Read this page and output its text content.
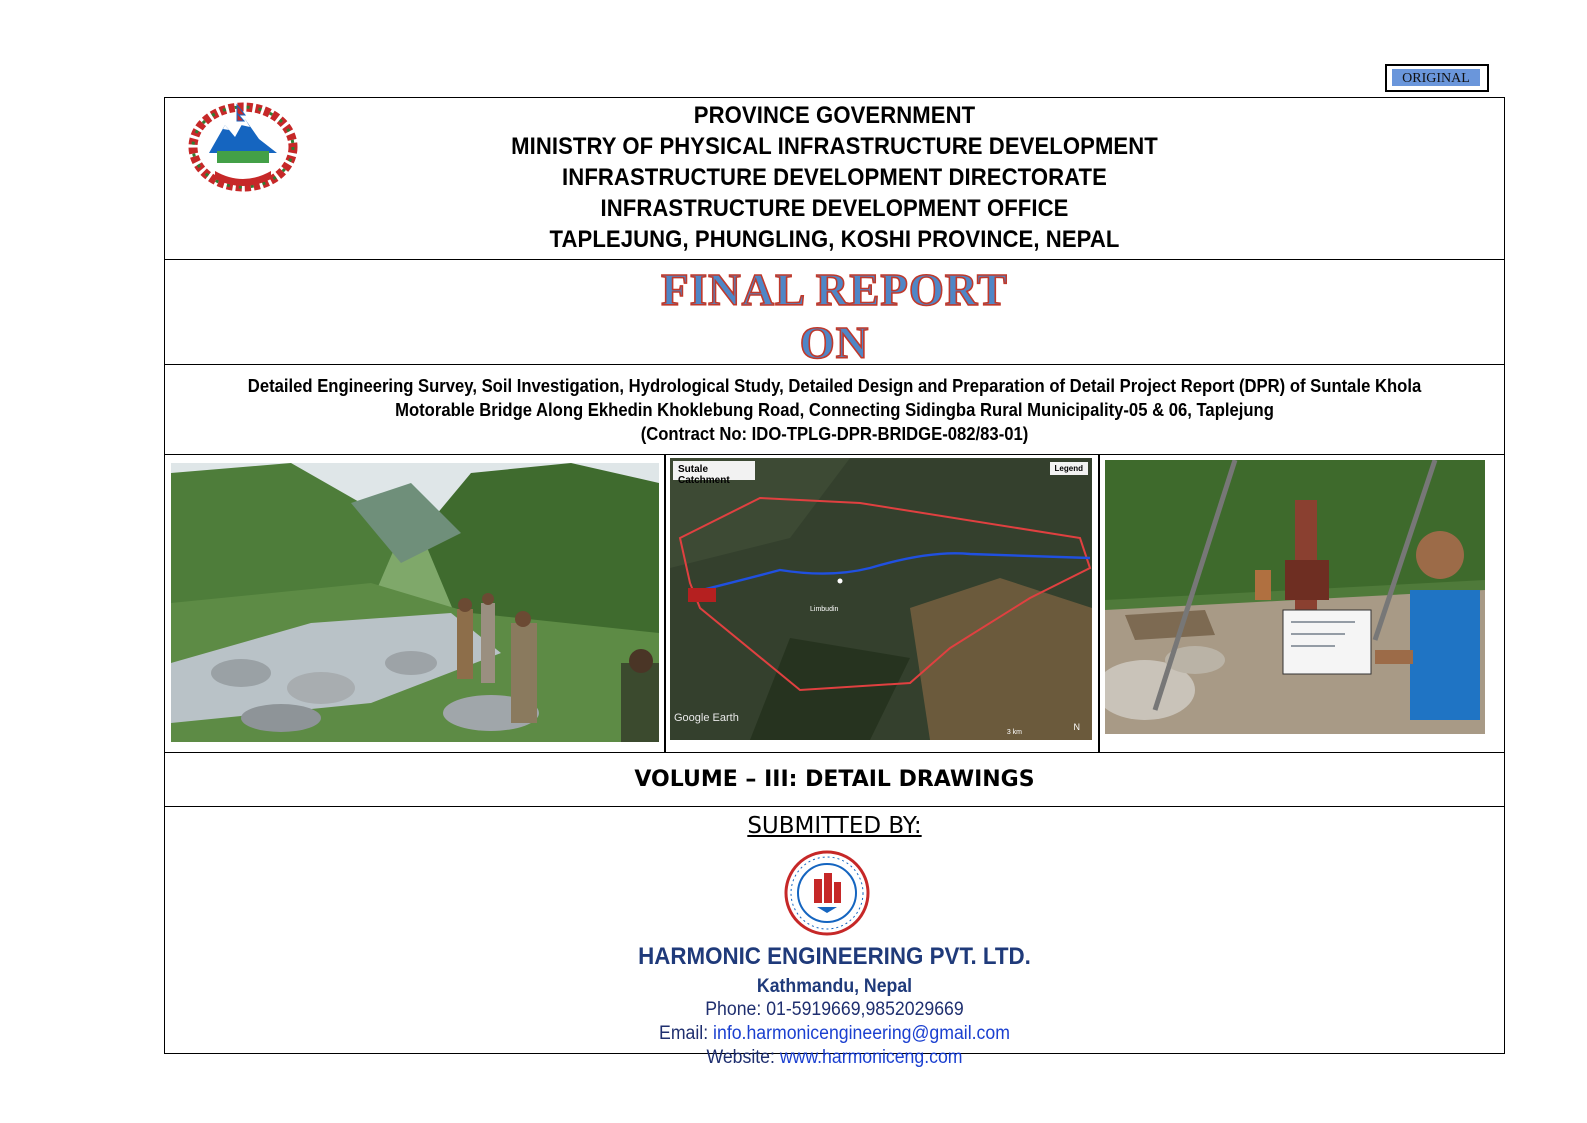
ORIGINAL
PROVINCE GOVERNMENT
MINISTRY OF PHYSICAL INFRASTRUCTURE DEVELOPMENT
INFRASTRUCTURE DEVELOPMENT DIRECTORATE
INFRASTRUCTURE DEVELOPMENT OFFICE
TAPLEJUNG, PHUNGLING, KOSHI PROVINCE, NEPAL
FINAL REPORT
ON
Detailed Engineering Survey, Soil Investigation, Hydrological Study, Detailed Design and Preparation of Detail Project Report (DPR) of Suntale Khola
Motorable Bridge Along Ekhedin Khoklebung Road, Connecting Sidingba Rural Municipality-05 & 06, Taplejung
(Contract No: IDO-TPLG-DPR-BRIDGE-082/83-01)
Sutale Catchment
Legend
Limbudin
Google Earth
3 km
N
VOLUME – III: DETAIL DRAWINGS
SUBMITTED BY:
HARMONIC ENGINEERING PVT. LTD.
Kathmandu, Nepal
Phone: 01-5919669,9852029669
Email: info.harmonicengineering@gmail.com
Website: www.harmoniceng.com
